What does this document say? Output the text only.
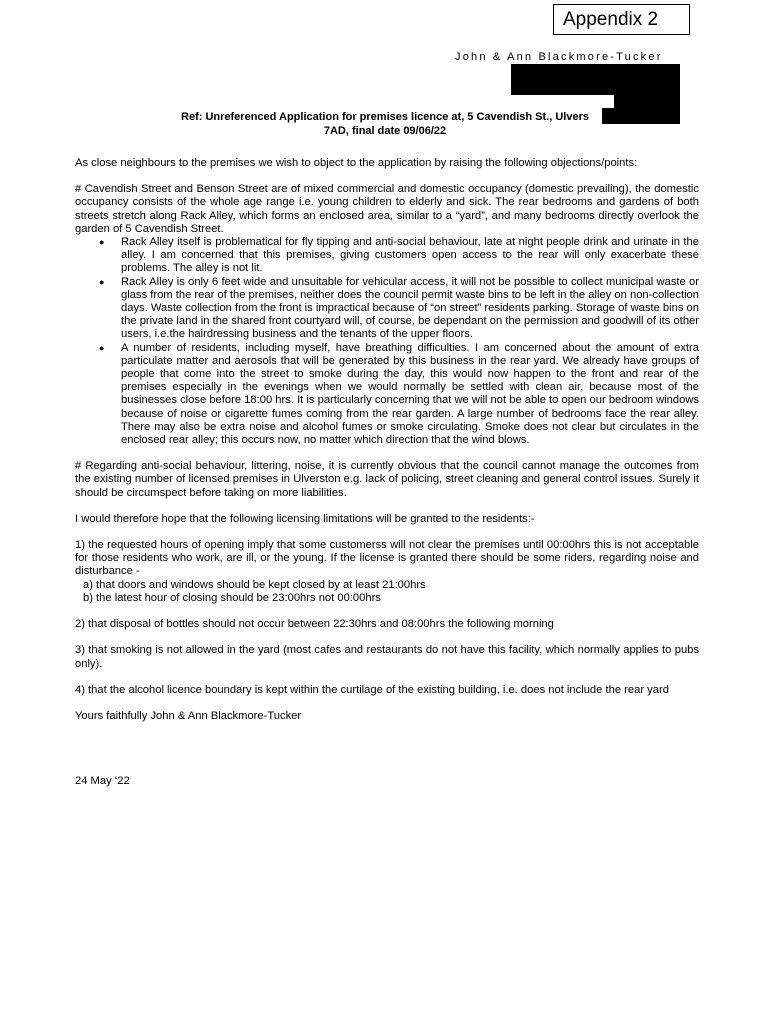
Appendix 2
John & Ann Blackmore-Tucker
Ref: Unreferenced Application for premises licence at, 5 Cavendish St., Ulvers
7AD, final date 09/06/22

As close neighbours to the premises we wish to object to the application by raising the following objections/points:

# Cavendish Street and Benson Street are of mixed commercial and domestic occupancy (domestic prevailing), the domestic occupancy consists of the whole age range i.e. young children to elderly and sick. The rear bedrooms and gardens of both streets stretch along Rack Alley, which forms an enclosed area, similar to a “yard”, and many bedrooms directly overlook the garden of 5 Cavendish Street.

● Rack Alley itself is problematical for fly tipping and anti-social behaviour, late at night people drink and urinate in the alley. I am concerned that this premises, giving customers open access to the rear will only exacerbate these problems. The alley is not lit.
● Rack Alley is only 6 feet wide and unsuitable for vehicular access, it will not be possible to collect municipal waste or glass from the rear of the premises, neither does the council permit waste bins to be left in the alley on non-collection days. Waste collection from the front is impractical because of “on street” residents parking. Storage of waste bins on the private land in the shared front courtyard will, of course, be dependant on the permission and goodwill of its other users, i.e.the hairdressing business and the tenants of the upper floors.
● A number of residents, including myself, have breathing difficulties. I am concerned about the amount of extra particulate matter and aerosols that will be generated by this business in the rear yard. We already have groups of people that come into the street to smoke during the day, this would now happen to the front and rear of the premises especially in the evenings when we would normally be settled with clean air, because most of the businesses close before 18:00 hrs. It is particularly concerning that we will not be able to open our bedroom windows because of noise or cigarette fumes coming from the rear garden. A large number of bedrooms face the rear alley. There may also be extra noise and alcohol fumes or smoke circulating. Smoke does not clear but circulates in the enclosed rear alley; this occurs now, no matter which direction that the wind blows.

# Regarding anti-social behaviour, littering, noise, it is currently obvious that the council cannot manage the outcomes from the existing number of licensed premises in Ulverston e.g. lack of policing, street cleaning and general control issues. Surely it should be circumspect before taking on more liabilities.

I would therefore hope that the following licensing limitations will be granted to the residents:-

1) the requested hours of opening imply that some customerss will not clear the premises until 00:00hrs this is not acceptable for those residents who work, are ill, or the young. If the license is granted there should be some riders, regarding noise and disturbance -

a) that doors and windows should be kept closed by at least 21:00hrs

b) the latest hour of closing should be 23:00hrs not 00:00hrs

2) that disposal of bottles should not occur between 22:30hrs and 08:00hrs the following morning

3) that smoking is not allowed in the yard (most cafes and restaurants do not have this facility, which normally applies to pubs only).

4) that the alcohol licence boundary is kept within the curtilage of the existing building, i.e. does not include the rear yard

Yours faithfully John & Ann Blackmore-Tucker

24 May ‘22
